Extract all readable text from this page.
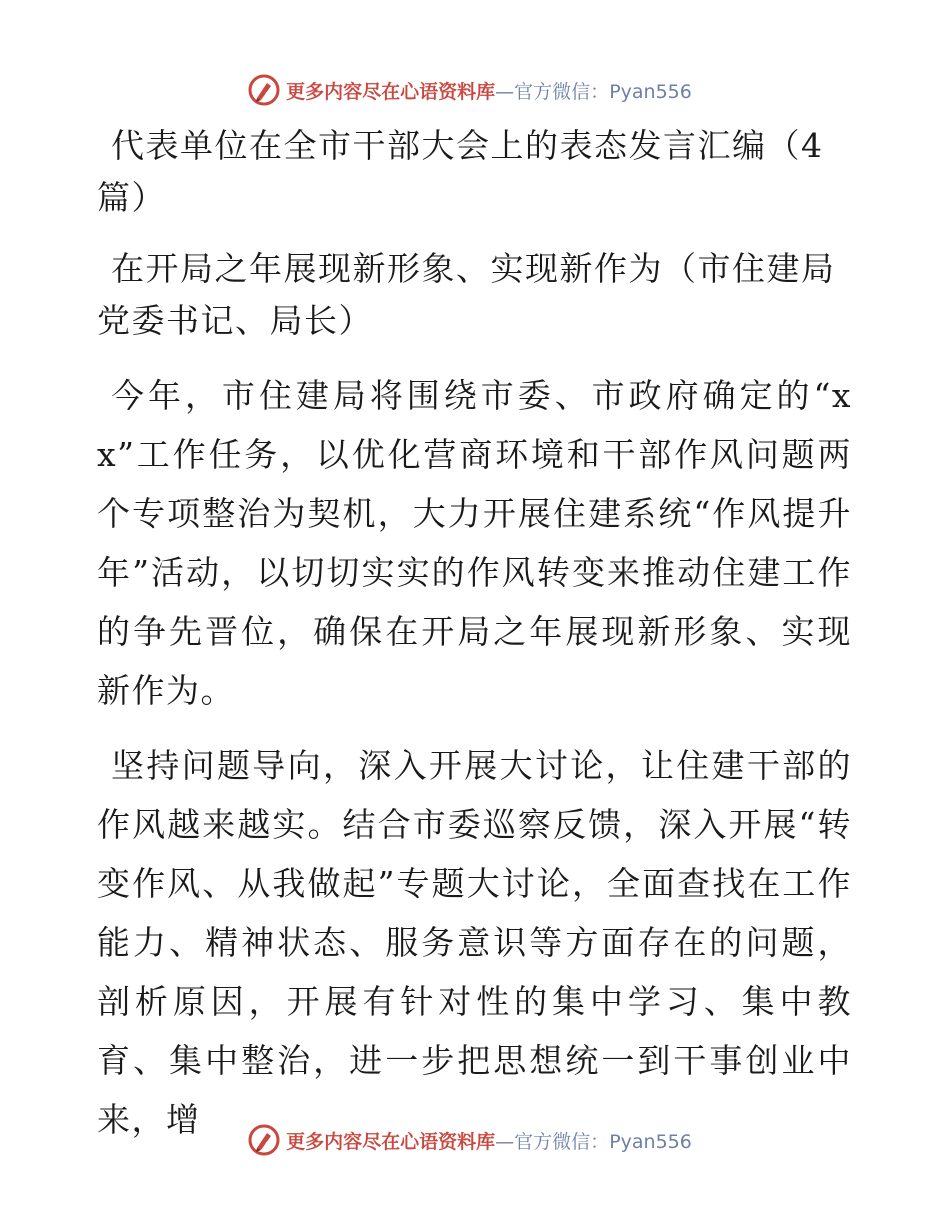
更多内容尽在心语资料库—官方微信：Pyan556

代表单位在全市干部大会上的表态发言汇编（4篇）

在开局之年展现新形象、实现新作为（市住建局党委书记、局长）

今年，市住建局将围绕市委、市政府确定的“xx”工作任务，以优化营商环境和干部作风问题两个专项整治为契机，大力开展住建系统“作风提升年”活动，以切切实实的作风转变来推动住建工作的争先晋位，确保在开局之年展现新形象、实现新作为。

坚持问题导向，深入开展大讨论，让住建干部的作风越来越实。结合市委巡察反馈，深入开展“转变作风、从我做起”专题大讨论，全面查找在工作能力、精神状态、服务意识等方面存在的问题，剖析原因，开展有针对性的集中学习、集中教育、集中整治，进一步把思想统一到干事创业中来，增

更多内容尽在心语资料库—官方微信：Pyan556
